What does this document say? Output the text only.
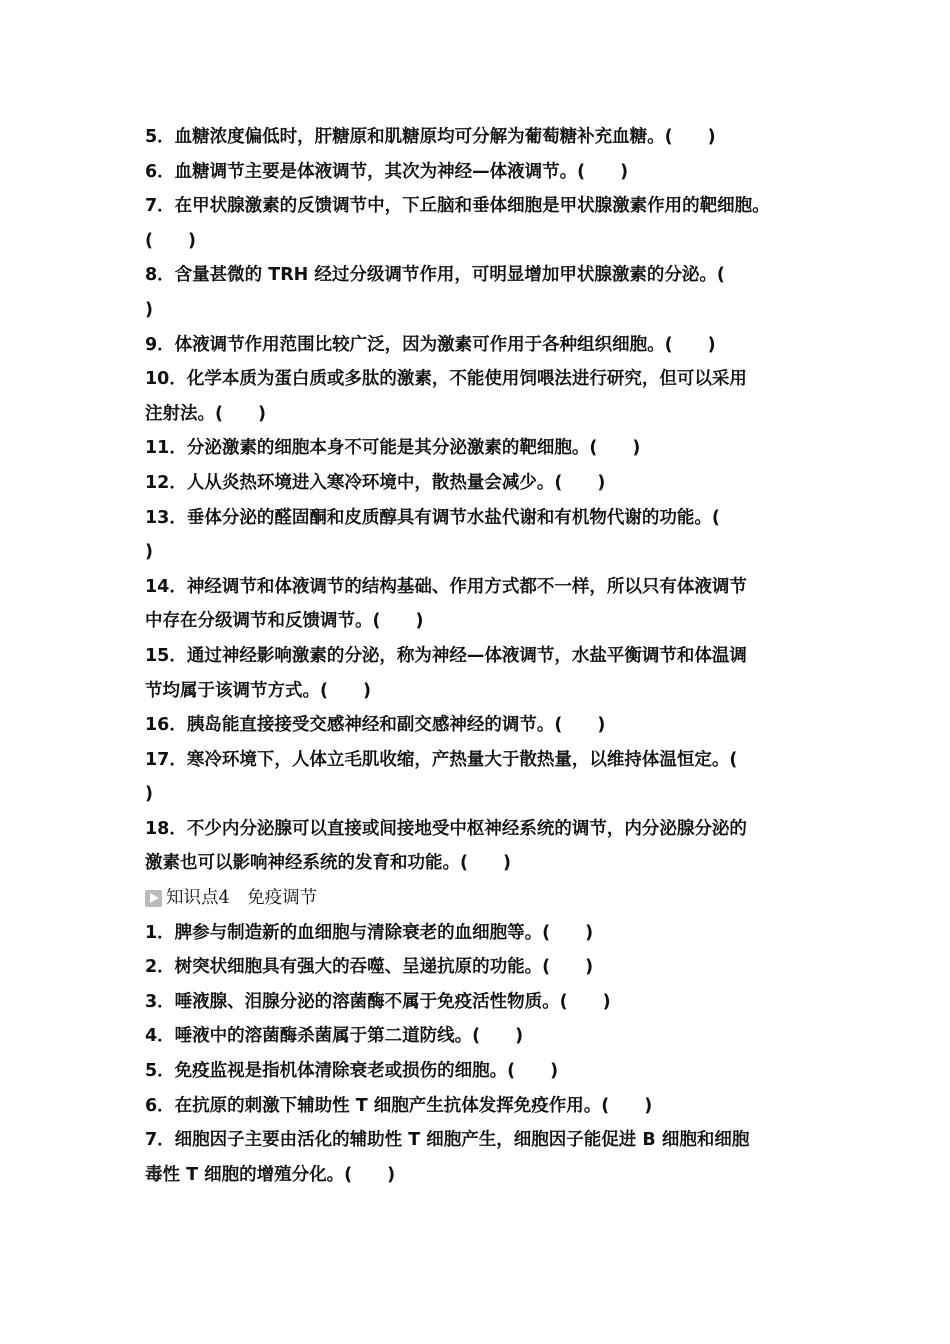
5．血糖浓度偏低时，肝糖原和肌糖原均可分解为葡萄糖补充血糖。(　　)
6．血糖调节主要是体液调节，其次为神经—体液调节。(　　)
7．在甲状腺激素的反馈调节中，下丘脑和垂体细胞是甲状腺激素作用的靶细胞。
(　　)
8．含量甚微的 TRH 经过分级调节作用，可明显增加甲状腺激素的分泌。(
)
9．体液调节作用范围比较广泛，因为激素可作用于各种组织细胞。(　　)
10．化学本质为蛋白质或多肽的激素，不能使用饲喂法进行研究，但可以采用
注射法。(　　)
11．分泌激素的细胞本身不可能是其分泌激素的靶细胞。(　　)
12．人从炎热环境进入寒冷环境中，散热量会减少。(　　)
13．垂体分泌的醛固酮和皮质醇具有调节水盐代谢和有机物代谢的功能。(
)
14．神经调节和体液调节的结构基础、作用方式都不一样，所以只有体液调节
中存在分级调节和反馈调节。(　　)
15．通过神经影响激素的分泌，称为神经—体液调节，水盐平衡调节和体温调
节均属于该调节方式。(　　)
16．胰岛能直接接受交感神经和副交感神经的调节。(　　)
17．寒冷环境下，人体立毛肌收缩，产热量大于散热量，以维持体温恒定。(
)
18．不少内分泌腺可以直接或间接地受中枢神经系统的调节，内分泌腺分泌的
激素也可以影响神经系统的发育和功能。(　　)
知识点4　免疫调节
1．脾参与制造新的血细胞与清除衰老的血细胞等。(　　)
2．树突状细胞具有强大的吞噬、呈递抗原的功能。(　　)
3．唾液腺、泪腺分泌的溶菌酶不属于免疫活性物质。(　　)
4．唾液中的溶菌酶杀菌属于第二道防线。(　　)
5．免疫监视是指机体清除衰老或损伤的细胞。(　　)
6．在抗原的刺激下辅助性 T 细胞产生抗体发挥免疫作用。(　　)
7．细胞因子主要由活化的辅助性 T 细胞产生，细胞因子能促进 B 细胞和细胞
毒性 T 细胞的增殖分化。(　　)
